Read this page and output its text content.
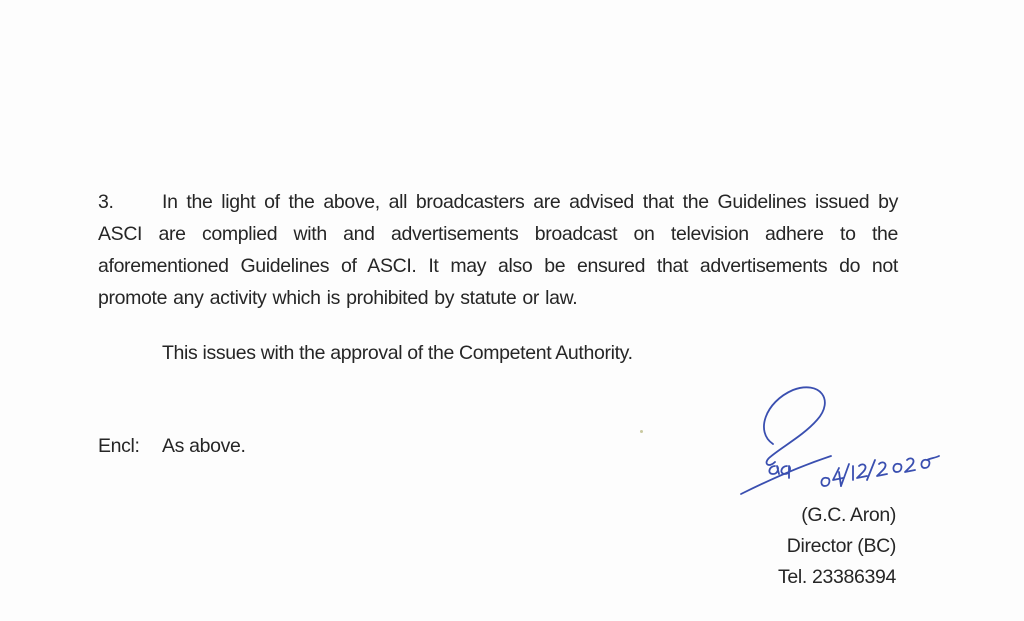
3. In the light of the above, all broadcasters are advised that the Guidelines issued by ASCI are complied with and advertisements broadcast on television adhere to the aforementioned Guidelines of ASCI. It may also be ensured that advertisements do not promote any activity which is prohibited by statute or law.
This issues with the approval of the Competent Authority.
Encl: As above.
(G.C. Aron)
Director (BC)
Tel. 23386394
